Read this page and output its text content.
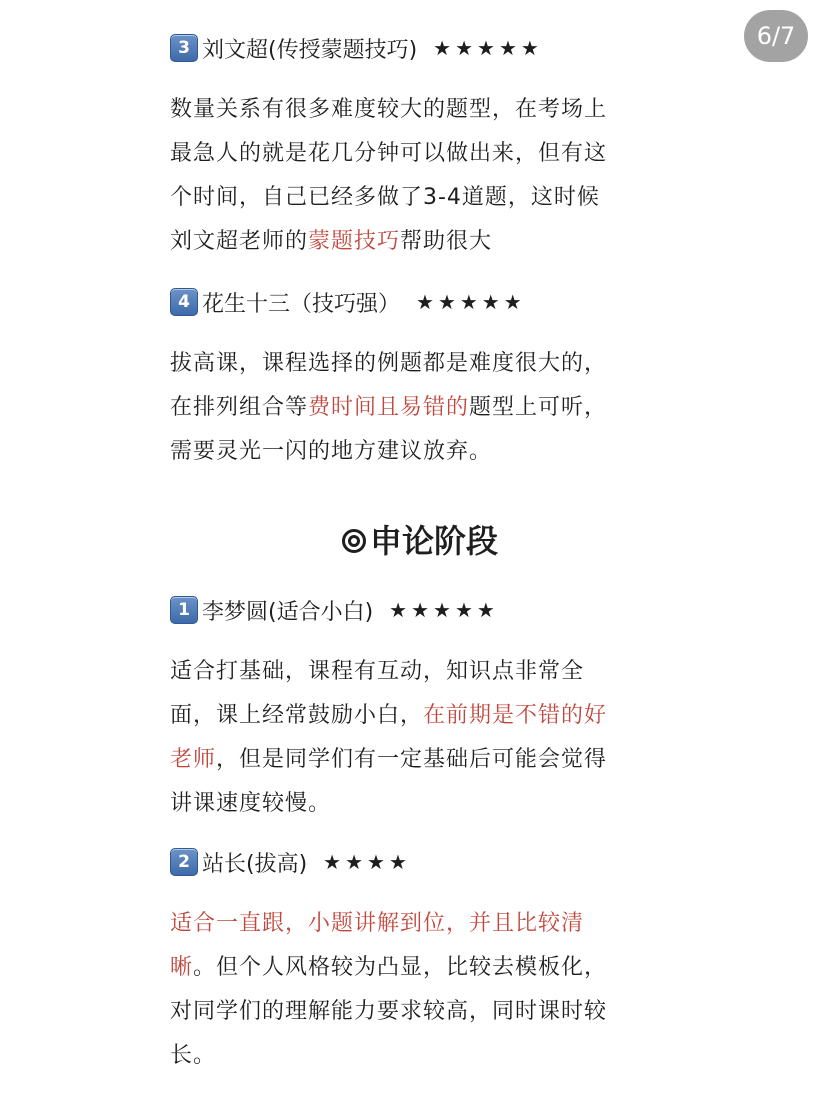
6/7
3 刘文超(传授蒙题技巧) ★★★★★
数量关系有很多难度较大的题型，在考场上
最急人的就是花几分钟可以做出来，但有这
个时间，自己已经多做了3-4道题，这时候
刘文超老师的蒙题技巧帮助很大
4 花生十三（技巧强） ★★★★★
拔高课，课程选择的例题都是难度很大的，
在排列组合等费时间且易错的题型上可听，
需要灵光一闪的地方建议放弃。
申论阶段
1 李梦圆(适合小白) ★★★★★
适合打基础，课程有互动，知识点非常全
面，课上经常鼓励小白，在前期是不错的好
老师，但是同学们有一定基础后可能会觉得
讲课速度较慢。
2 站长(拔高) ★★★★
适合一直跟，小题讲解到位，并且比较清
晰。但个人风格较为凸显，比较去模板化，
对同学们的理解能力要求较高，同时课时较
长。
